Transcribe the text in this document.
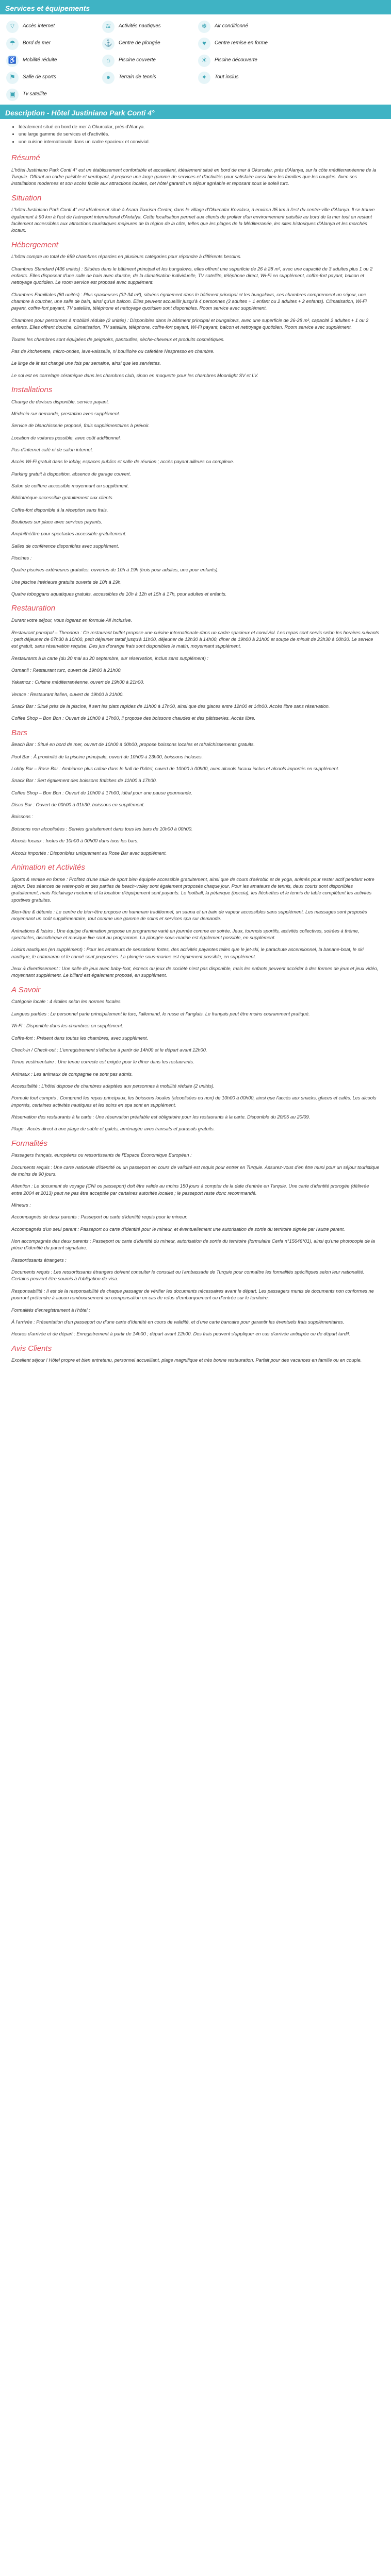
Services et équipements
⌔	Accès internet	≋	Activités nautiques	❄	Air conditionné
☂	Bord de mer	⚓	Centre de plongée	♥	Centre remise en forme
♿	Mobilité réduite	⌂	Piscine couverte	☀	Piscine découverte
⚑	Salle de sports	●	Terrain de tennis	✦	Tout inclus
▣	Tv satellite
Description - Hôtel Justiniano Park Conti 4°
• Idéalement situé en bord de mer à Okurcalar, près d'Alanya.
• une large gamme de services et d'activités.
• une cuisine internationale dans un cadre spacieux et convivial.
Résumé

L'hôtel Justiniano Park Conti 4° est un établissement confortable et accueillant, idéalement situé en bord de mer à Okurcalar, près d'Alanya, sur la côte méditerranéenne de la Turquie. Offrant un cadre paisible et verdoyant, il propose une large gamme de services et d'activités pour satisfaire aussi bien les familles que les couples. Avec ses installations modernes et son accès facile aux attractions locales, cet hôtel garantit un séjour agréable et reposant sous le soleil turc.

Situation

L'hôtel Justiniano Park Conti 4° est idéalement situé à Asara Tourism Center, dans le village d'Okurcalar Kovalası, à environ 35 km à l'est du centre-ville d'Alanya. Il se trouve également à 90 km à l'est de l'aéroport international d'Antalya. Cette localisation permet aux clients de profiter d'un environnement paisible au bord de la mer tout en restant facilement accessibles aux attractions touristiques majeures de la région de la côte, telles que les plages de la Méditerranée, les sites historiques d'Alanya et les marchés locaux.

Hébergement

L'hôtel compte un total de 659 chambres réparties en plusieurs catégories pour répondre à différents besoins.

Chambres Standard (436 unités) : Situées dans le bâtiment principal et les bungalows, elles offrent une superficie de 26 à 28 m², avec une capacité de 3 adultes plus 1 ou 2 enfants. Elles disposent d'une salle de bain avec douche, de la climatisation individuelle, TV satellite, téléphone direct, Wi-Fi en supplément, coffre-fort payant, balcon et nettoyage quotidien. Le room service est proposé avec supplément.

Chambres Familiales (80 unités) : Plus spacieuses (32-34 m²), situées également dans le bâtiment principal et les bungalows, ces chambres comprennent un séjour, une chambre à coucher, une salle de bain, ainsi qu'un balcon. Elles peuvent accueillir jusqu'à 4 personnes (3 adultes + 1 enfant ou 2 adultes + 2 enfants). Climatisation, Wi-Fi payant, coffre-fort payant, TV satellite, téléphone et nettoyage quotidien sont disponibles. Room service avec supplément.

Chambres pour personnes à mobilité réduite (2 unités) : Disponibles dans le bâtiment principal et bungalows, avec une superficie de 26-28 m², capacité 2 adultes + 1 ou 2 enfants. Elles offrent douche, climatisation, TV satellite, téléphone, coffre-fort payant, Wi-Fi payant, balcon et nettoyage quotidien. Room service avec supplément.

Toutes les chambres sont équipées de peignoirs, pantoufles, sèche-cheveux et produits cosmétiques.

Pas de kitchenette, micro-ondes, lave-vaisselle, ni bouilloire ou cafetière Nespresso en chambre.

Le linge de lit est changé une fois par semaine, ainsi que les serviettes.

Le sol est en carrelage céramique dans les chambres club, sinon en moquette pour les chambres Moonlight SV et LV.

Installations

Change de devises disponible, service payant.

Médecin sur demande, prestation avec supplément.

Service de blanchisserie proposé, frais supplémentaires à prévoir.

Location de voitures possible, avec coût additionnel.

Pas d'internet café ni de salon internet.

Accès Wi-Fi gratuit dans le lobby, espaces publics et salle de réunion ; accès payant ailleurs ou complexe.

Parking gratuit à disposition, absence de garage couvert.

Salon de coiffure accessible moyennant un supplément.

Bibliothèque accessible gratuitement aux clients.

Coffre-fort disponible à la réception sans frais.

Boutiques sur place avec services payants.

Amphithéâtre pour spectacles accessible gratuitement.

Salles de conférence disponibles avec supplément.

Piscines :

Quatre piscines extérieures gratuites, ouvertes de 10h à 19h (trois pour adultes, une pour enfants).

Une piscine intérieure gratuite ouverte de 10h à 19h.

Quatre toboggans aquatiques gratuits, accessibles de 10h à 12h et 15h à 17h, pour adultes et enfants.

Restauration

Durant votre séjour, vous logerez en formule All Inclusive.

Restaurant principal – Theodora : Ce restaurant buffet propose une cuisine internationale dans un cadre spacieux et convivial. Les repas sont servis selon les horaires suivants : petit déjeuner de 07h30 à 10h00, petit déjeuner tardif jusqu'à 11h00, déjeuner de 12h30 à 14h00, dîner de 19h00 à 21h00 et soupe de minuit de 23h30 à 00h30. Le service est gratuit, sans réservation requise. Des jus d'orange frais sont disponibles le matin, moyennant supplément.

Restaurants à la carte (du 20 mai au 20 septembre, sur réservation, inclus sans supplément) :

Osmanli : Restaurant turc, ouvert de 19h00 à 21h00.

Yakamoz : Cuisine méditerranéenne, ouvert de 19h00 à 21h00.

Verace : Restaurant italien, ouvert de 19h00 à 21h00.

Snack Bar : Situé près de la piscine, il sert les plats rapides de 11h00 à 17h00, ainsi que des glaces entre 12h00 et 14h00. Accès libre sans réservation.

Coffee Shop – Bon Bon : Ouvert de 10h00 à 17h00, il propose des boissons chaudes et des pâtisseries. Accès libre.

Bars

Beach Bar : Situé en bord de mer, ouvert de 10h00 à 00h00, propose boissons locales et rafraîchissements gratuits.

Pool Bar : À proximité de la piscine principale, ouvert de 10h00 à 23h00, boissons incluses.

Lobby Bar – Rose Bar : Ambiance plus calme dans le hall de l'hôtel, ouvert de 10h00 à 00h00, avec alcools locaux inclus et alcools importés en supplément.

Snack Bar : Sert également des boissons fraîches de 11h00 à 17h00.

Coffee Shop – Bon Bon : Ouvert de 10h00 à 17h00, idéal pour une pause gourmande.

Disco Bar : Ouvert de 00h00 à 01h30, boissons en supplément.

Boissons :

Boissons non alcoolisées : Servies gratuitement dans tous les bars de 10h00 à 00h00.

Alcools locaux : Inclus de 10h00 à 00h00 dans tous les bars.

Alcools importés : Disponibles uniquement au Rose Bar avec supplément.

Animation et Activités

Sports & remise en forme : Profitez d'une salle de sport bien équipée accessible gratuitement, ainsi que de cours d'aérobic et de yoga, animés pour rester actif pendant votre séjour. Des séances de water-polo et des parties de beach-volley sont également proposés chaque jour. Pour les amateurs de tennis, deux courts sont disponibles gratuitement, mais l'éclairage nocturne et la location d'équipement sont payants. Le football, la pétanque (boccia), les fléchettes et le tennis de table complètent les activités sportives gratuites.

Bien-être & détente : Le centre de bien-être propose un hammam traditionnel, un sauna et un bain de vapeur accessibles sans supplément. Les massages sont proposés moyennant un coût supplémentaire, tout comme une gamme de soins et services spa sur demande.

Animations & loisirs : Une équipe d'animation propose un programme varié en journée comme en soirée. Jeux, tournois sportifs, activités collectives, soirées à thème, spectacles, discothèque et musique live sont au programme. La plongée sous-marine est également possible, en supplément.

Loisirs nautiques (en supplément) : Pour les amateurs de sensations fortes, des activités payantes telles que le jet-ski, le parachute ascensionnel, la banane-boat, le ski nautique, le catamaran et le canoë sont proposées. La plongée sous-marine est également possible, en supplément.

Jeux & divertissement : Une salle de jeux avec baby-foot, échecs ou jeux de société n'est pas disponible, mais les enfants peuvent accéder à des formes de jeux et jeux vidéo, moyennant supplément. Le billard est également proposé, en supplément.

A Savoir

Catégorie locale : 4 étoiles selon les normes locales.

Langues parlées : Le personnel parle principalement le turc, l'allemand, le russe et l'anglais. Le français peut être moins couramment pratiqué.

Wi-Fi : Disponible dans les chambres en supplément.

Coffre-fort : Présent dans toutes les chambres, avec supplément.

Check-in / Check-out : L'enregistrement s'effectue à partir de 14h00 et le départ avant 12h00.

Tenue vestimentaire : Une tenue correcte est exigée pour le dîner dans les restaurants.

Animaux : Les animaux de compagnie ne sont pas admis.

Accessibilité : L'hôtel dispose de chambres adaptées aux personnes à mobilité réduite (2 unités).

Formule tout compris : Comprend les repas principaux, les boissons locales (alcoolisées ou non) de 10h00 à 00h00, ainsi que l'accès aux snacks, glaces et cafés. Les alcools importés, certaines activités nautiques et les soins en spa sont en supplément.

Réservation des restaurants à la carte : Une réservation préalable est obligatoire pour les restaurants à la carte. Disponible du 20/05 au 20/09.

Plage : Accès direct à une plage de sable et galets, aménagée avec transats et parasols gratuits.

Formalités

Passagers français, européens ou ressortissants de l'Espace Économique Européen :

Documents requis : Une carte nationale d'identité ou un passeport en cours de validité est requis pour entrer en Turquie. Assurez-vous d'en être muni pour un séjour touristique de moins de 90 jours.

Attention : Le document de voyage (CNI ou passeport) doit être valide au moins 150 jours à compter de la date d'entrée en Turquie. Une carte d'identité prorogée (délivrée entre 2004 et 2013) peut ne pas être acceptée par certaines autorités locales ; le passeport reste donc recommandé.

Mineurs :

Accompagnés de deux parents : Passeport ou carte d'identité requis pour le mineur.

Accompagnés d'un seul parent : Passeport ou carte d'identité pour le mineur, et éventuellement une autorisation de sortie du territoire signée par l'autre parent.

Non accompagnés des deux parents : Passeport ou carte d'identité du mineur, autorisation de sortie du territoire (formulaire Cerfa n°15646*01), ainsi qu'une photocopie de la pièce d'identité du parent signataire.

Ressortissants étrangers :

Documents requis : Les ressortissants étrangers doivent consulter le consulat ou l'ambassade de Turquie pour connaître les formalités spécifiques selon leur nationalité. Certains peuvent être soumis à l'obligation de visa.

Responsabilité : Il est de la responsabilité de chaque passager de vérifier les documents nécessaires avant le départ. Les passagers munis de documents non conformes ne pourront prétendre à aucun remboursement ou compensation en cas de refus d'embarquement ou d'entrée sur le territoire.

Formalités d'enregistrement à l'hôtel :

À l'arrivée : Présentation d'un passeport ou d'une carte d'identité en cours de validité, et d'une carte bancaire pour garantir les éventuels frais supplémentaires.

Heures d'arrivée et de départ : Enregistrement à partir de 14h00 ; départ avant 12h00. Des frais peuvent s'appliquer en cas d'arrivée anticipée ou de départ tardif.

Avis Clients

Excellent séjour ! Hôtel propre et bien entretenu, personnel accueillant, plage magnifique et très bonne restauration. Parfait pour des vacances en famille ou en couple.
